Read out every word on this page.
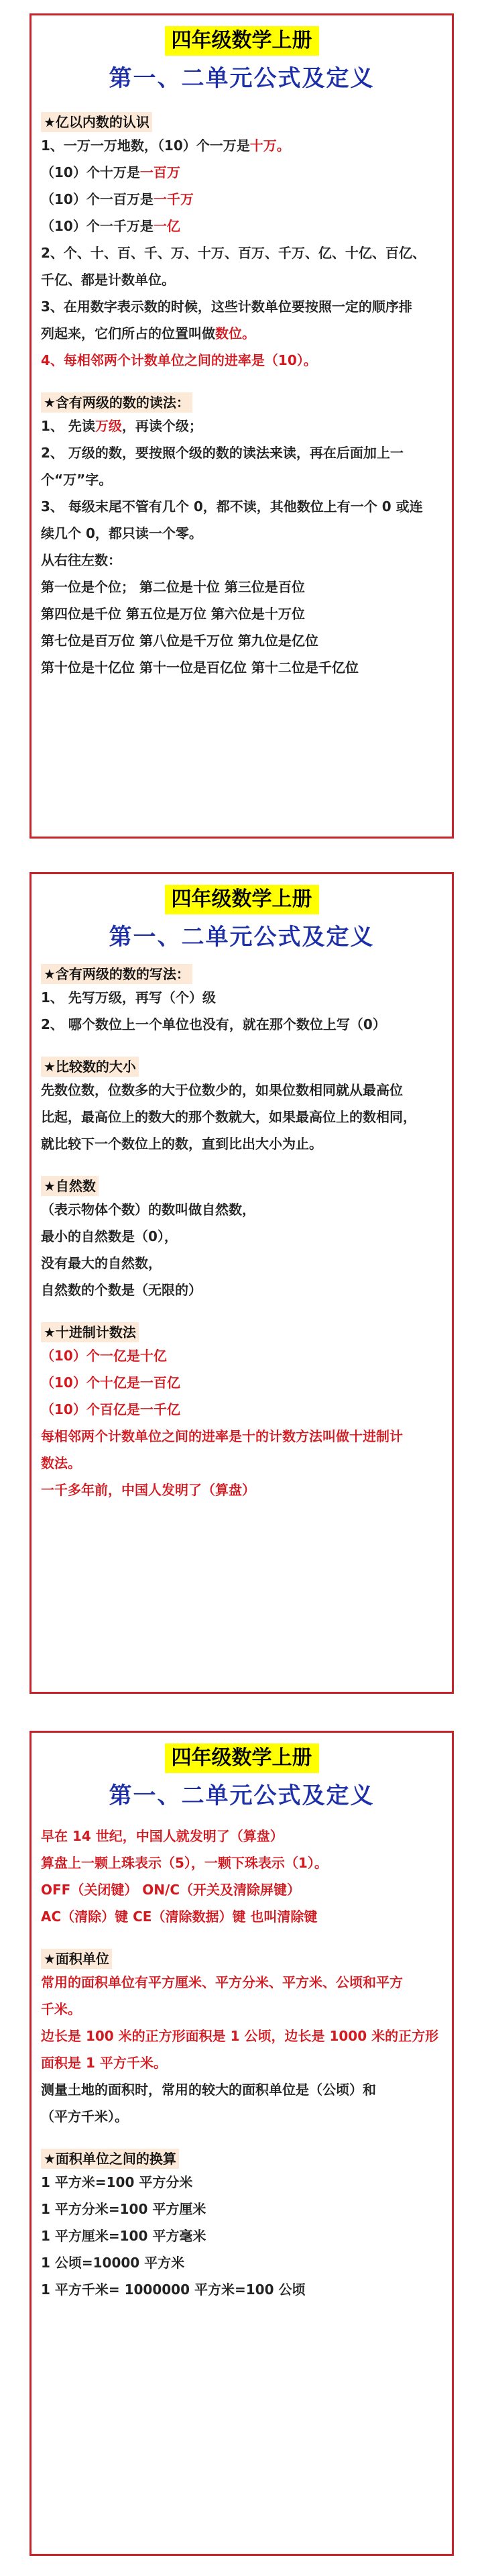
四年级数学上册
第一、二单元公式及定义
★亿以内数的认识
1、一万一万地数，（10）个一万是十万。
（10）个十万是一百万
（10）个一百万是一千万
（10）个一千万是一亿
2、个、十、百、千、万、十万、百万、千万、亿、十亿、百亿、
千亿、都是计数单位。
3、在用数字表示数的时候，这些计数单位要按照一定的顺序排
列起来，它们所占的位置叫做数位。
4、每相邻两个计数单位之间的进率是（10）。
★含有两级的数的读法：
1、 先读万级，再读个级；
2、 万级的数，要按照个级的数的读法来读，再在后面加上一
个“万”字。
3、 每级末尾不管有几个 0，都不读，其他数位上有一个 0 或连
续几个 0，都只读一个零。
从右往左数：
第一位是个位； 第二位是十位 第三位是百位
第四位是千位 第五位是万位 第六位是十万位
第七位是百万位 第八位是千万位 第九位是亿位
第十位是十亿位 第十一位是百亿位 第十二位是千亿位
四年级数学上册
第一、二单元公式及定义
★含有两级的数的写法：
1、 先写万级，再写（个）级
2、 哪个数位上一个单位也没有，就在那个数位上写（0）
★比较数的大小
先数位数，位数多的大于位数少的，如果位数相同就从最高位
比起，最高位上的数大的那个数就大，如果最高位上的数相同，
就比较下一个数位上的数，直到比出大小为止。
★自然数
（表示物体个数）的数叫做自然数，
最小的自然数是（0），
没有最大的自然数，
自然数的个数是（无限的）
★十进制计数法
（10）个一亿是十亿
（10）个十亿是一百亿
（10）个百亿是一千亿
每相邻两个计数单位之间的进率是十的计数方法叫做十进制计
数法。
一千多年前，中国人发明了（算盘）
四年级数学上册
第一、二单元公式及定义
早在 14 世纪，中国人就发明了（算盘）
算盘上一颗上珠表示（5），一颗下珠表示（1）。
OFF（关闭键） ON/C（开关及清除屏键）
AC（清除）键 CE（清除数据）键 也叫清除键
★面积单位
常用的面积单位有平方厘米、平方分米、平方米、公顷和平方
千米。
边长是 100 米的正方形面积是 1 公顷，边长是 1000 米的正方形
面积是 1 平方千米。
测量土地的面积时，常用的较大的面积单位是（公顷）和
（平方千米）。
★面积单位之间的换算
1 平方米=100 平方分米
1 平方分米=100 平方厘米
1 平方厘米=100 平方毫米
1 公顷=10000 平方米
1 平方千米= 1000000 平方米=100 公顷
